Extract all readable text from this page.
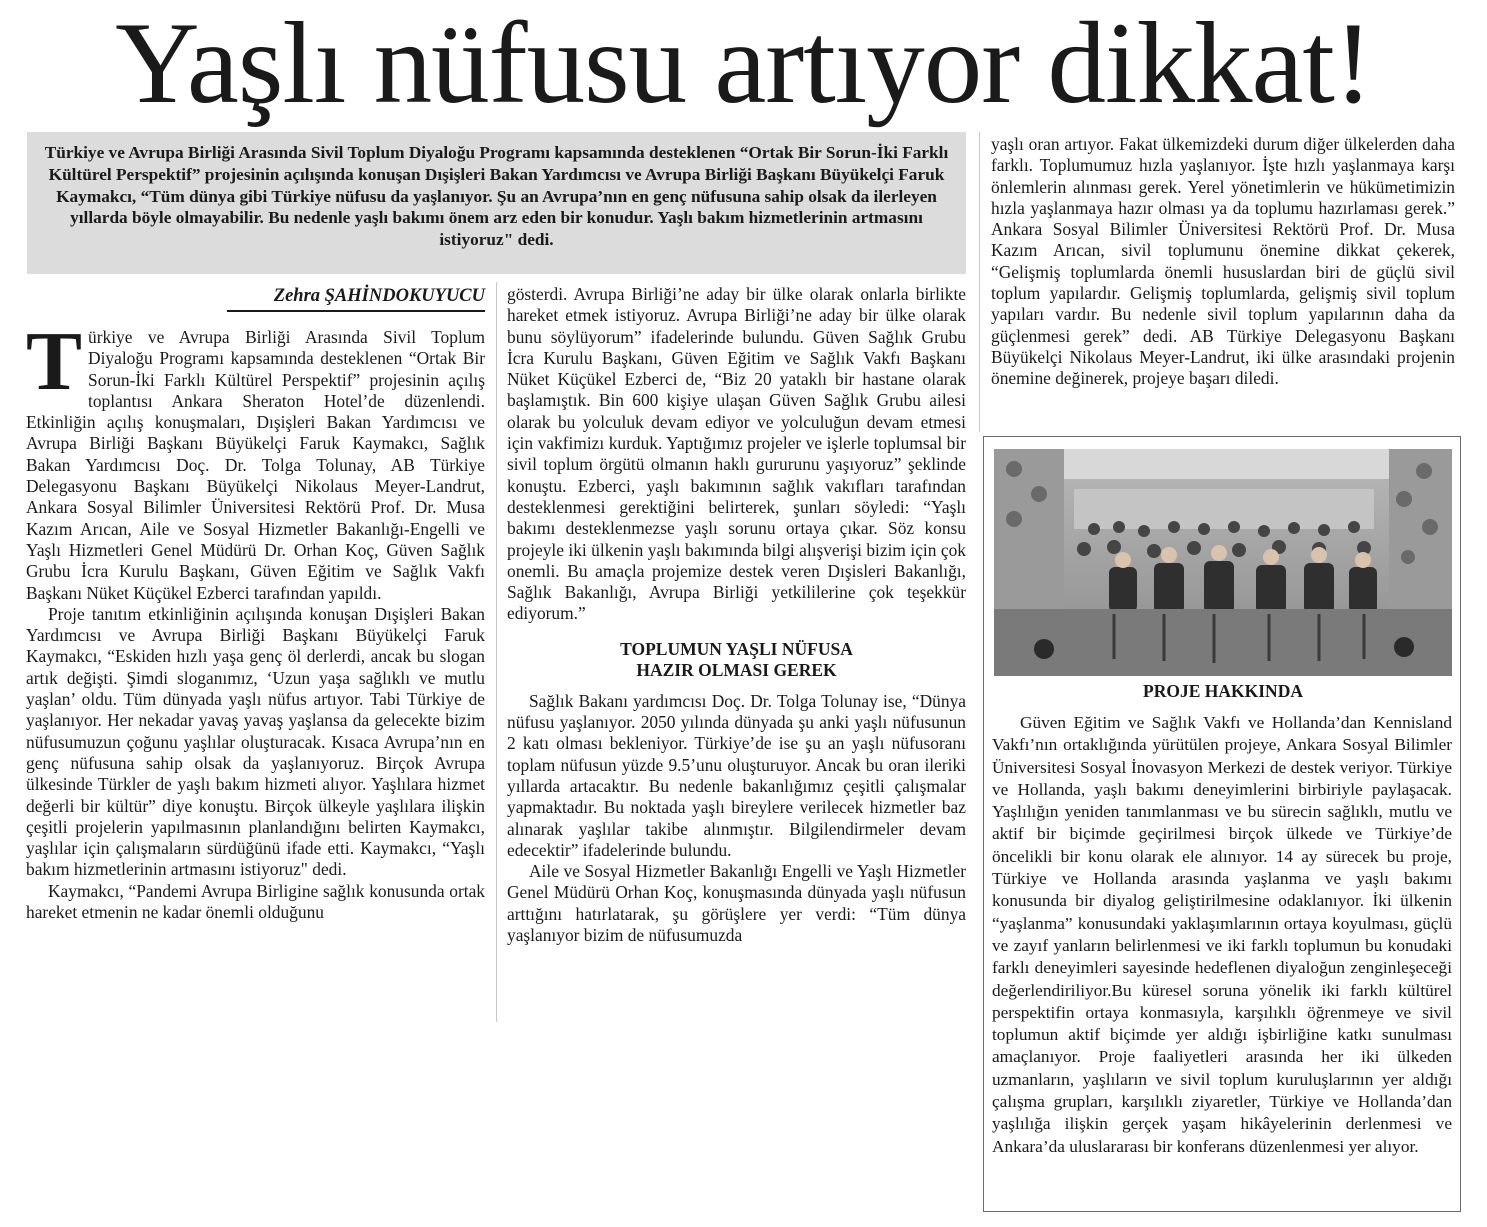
Yaşlı nüfusu artıyor dikkat!
Türkiye ve Avrupa Birliği Arasında Sivil Toplum Diyaloğu Programı kapsamında desteklenen “Ortak Bir Sorun-İki Farklı Kültürel Perspektif” projesinin açılışında konuşan Dışişleri Bakan Yardımcısı ve Avrupa Birliği Başkanı Büyükelçi Faruk Kaymakcı, “Tüm dünya gibi Türkiye nüfusu da yaşlanıyor. Şu an Avrupa’nın en genç nüfusuna sahip olsak da ilerleyen yıllarda böyle olmayabilir. Bu nedenle yaşlı bakımı önem arz eden bir konudur. Yaşlı bakım hizmetlerinin artmasını istiyoruz" dedi.
Zehra ŞAHİNDOKUYUCU

Türkiye ve Avrupa Birliği Arasında Sivil Toplum Diyaloğu Programı kapsamında desteklenen “Ortak Bir Sorun-İki Farklı Kültürel Perspektif” projesinin açılış toplantısı Ankara Sheraton Hotel’de düzenlendi. Etkinliğin açılış konuşmaları, Dışişleri Bakan Yardımcısı ve Avrupa Birliği Başkanı Büyükelçi Faruk Kaymakcı, Sağlık Bakan Yardımcısı Doç. Dr. Tolga Tolunay, AB Türkiye Delegasyonu Başkanı Büyükelçi Nikolaus Meyer-Landrut, Ankara Sosyal Bilimler Üniversitesi Rektörü Prof. Dr. Musa Kazım Arıcan, Aile ve Sosyal Hizmetler Bakanlığı-Engelli ve Yaşlı Hizmetleri Genel Müdürü Dr. Orhan Koç, Güven Sağlık Grubu İcra Kurulu Başkanı, Güven Eğitim ve Sağlık Vakfı Başkanı Nüket Küçükel Ezberci tarafından yapıldı.

Proje tanıtım etkinliğinin açılışında konuşan Dışişleri Bakan Yardımcısı ve Avrupa Birliği Başkanı Büyükelçi Faruk Kaymakcı, “Eskiden hızlı yaşa genç öl derlerdi, ancak bu slogan artık değişti. Şimdi sloganımız, ‘Uzun yaşa sağlıklı ve mutlu yaşlan’ oldu. Tüm dünyada yaşlı nüfus artıyor. Tabi Türkiye de yaşlanıyor. Her nekadar yavaş yavaş yaşlansa da gelecekte bizim nüfusumuzun çoğunu yaşlılar oluşturacak. Kısaca Avrupa’nın en genç nüfusuna sahip olsak da yaşlanıyoruz. Birçok Avrupa ülkesinde Türkler de yaşlı bakım hizmeti alıyor. Yaşlılara hizmet değerli bir kültür” diye konuştu. Birçok ülkeyle yaşlılara ilişkin çeşitli projelerin yapılmasının planlandığını belirten Kaymakcı, yaşlılar için çalışmaların sürdüğünü ifade etti. Kaymakcı, “Yaşlı bakım hizmetlerinin artmasını istiyoruz" dedi.

Kaymakcı, “Pandemi Avrupa Birligine sağlık konusunda ortak hareket etmenin ne kadar önemli olduğunu

gösterdi. Avrupa Birliği’ne aday bir ülke olarak onlarla birlikte hareket etmek istiyoruz. Avrupa Birliği’ne aday bir ülke olarak bunu söylüyorum” ifadelerinde bulundu. Güven Sağlık Grubu İcra Kurulu Başkanı, Güven Eğitim ve Sağlık Vakfı Başkanı Nüket Küçükel Ezberci de, “Biz 20 yataklı bir hastane olarak başlamıştık. Bin 600 kişiye ulaşan Güven Sağlık Grubu ailesi olarak bu yolculuk devam ediyor ve yolculuğun devam etmesi için vakfimizı kurduk. Yaptığımız projeler ve işlerle toplumsal bir sivil toplum örgütü olmanın haklı gururunu yaşıyoruz” şeklinde konuştu. Ezberci, yaşlı bakımının sağlık vakıfları tarafından desteklenmesi gerektiğini belirterek, şunları söyledi: “Yaşlı bakımı desteklenmezse yaşlı sorunu ortaya çıkar. Söz konsu projeyle iki ülkenin yaşlı bakımında bilgi alışverişi bizim için çok onemli. Bu amaçla projemize destek veren Dışisleri Bakanlığı, Sağlık Bakanlığı, Avrupa Birliği yetkililerine çok teşekkür ediyorum.”

TOPLUMUN YAŞLI NÜFUSA
HAZIR OLMASI GEREK

Sağlık Bakanı yardımcısı Doç. Dr. Tolga Tolunay ise, “Dünya nüfusu yaşlanıyor. 2050 yılında dünyada şu anki yaşlı nüfusunun 2 katı olması bekleniyor. Türkiye’de ise şu an yaşlı nüfusoranı toplam nüfusun yüzde 9.5’unu oluşturuyor. Ancak bu oran ileriki yıllarda artacaktır. Bu nedenle bakanlığımız çeşitli çalışmalar yapmaktadır. Bu noktada yaşlı bireylere verilecek hizmetler baz alınarak yaşlılar takibe alınmıştır. Bilgilendirmeler devam edecektir” ifadelerinde bulundu.

Aile ve Sosyal Hizmetler Bakanlığı Engelli ve Yaşlı Hizmetler Genel Müdürü Orhan Koç, konuşmasında dünyada yaşlı nüfusun arttığını hatırlatarak, şu görüşlere yer verdi: “Tüm dünya yaşlanıyor bizim de nüfusumuzda

yaşlı oran artıyor. Fakat ülkemizdeki durum diğer ülkelerden daha farklı. Toplumumuz hızla yaşlanıyor. İşte hızlı yaşlanmaya karşı önlemlerin alınması gerek. Yerel yönetimlerin ve hükümetimizin hızla yaşlanmaya hazır olması ya da toplumu hazırlaması gerek.” Ankara Sosyal Bilimler Üniversitesi Rektörü Prof. Dr. Musa Kazım Arıcan, sivil toplumunu önemine dikkat çekerek, “Gelişmiş toplumlarda önemli hususlardan biri de güçlü sivil toplum yapılardır. Gelişmiş toplumlarda, gelişmiş sivil toplum yapıları vardır. Bu nedenle sivil toplum yapılarının daha da güçlenmesi gerek” dedi. AB Türkiye Delegasyonu Başkanı Büyükelçi Nikolaus Meyer-Landrut, iki ülke arasındaki projenin önemine değinerek, projeye başarı diledi.

PROJE HAKKINDA

Güven Eğitim ve Sağlık Vakfı ve Hollanda’dan Kennisland Vakfı’nın ortaklığında yürütülen projeye, Ankara Sosyal Bilimler Üniversitesi Sosyal İnovasyon Merkezi de destek veriyor. Türkiye ve Hollanda, yaşlı bakımı deneyimlerini birbiriyle paylaşacak. Yaşlılığın yeniden tanımlanması ve bu sürecin sağlıklı, mutlu ve aktif bir biçimde geçirilmesi birçok ülkede ve Türkiye’de öncelikli bir konu olarak ele alınıyor. 14 ay sürecek bu proje, Türkiye ve Hollanda arasında yaşlanma ve yaşlı bakımı konusunda bir diyalog geliştirilmesine odaklanıyor. İki ülkenin “yaşlanma” konusundaki yaklaşımlarının ortaya koyulması, güçlü ve zayıf yanların belirlenmesi ve iki farklı toplumun bu konudaki farklı deneyimleri sayesinde hedeflenen diyaloğun zenginleşeceği değerlendiriliyor.Bu küresel soruna yönelik iki farklı kültürel perspektifin ortaya konmasıyla, karşılıklı öğrenmeye ve sivil toplumun aktif biçimde yer aldığı işbirliğine katkı sunulması amaçlanıyor. Proje faaliyetleri arasında her iki ülkeden uzmanların, yaşlıların ve sivil toplum kuruluşlarının yer aldığı çalışma grupları, karşılıklı ziyaretler, Türkiye ve Hollanda’dan yaşlılığa ilişkin gerçek yaşam hikâyelerinin derlenmesi ve Ankara’da uluslararası bir konferans düzenlenmesi yer alıyor.
